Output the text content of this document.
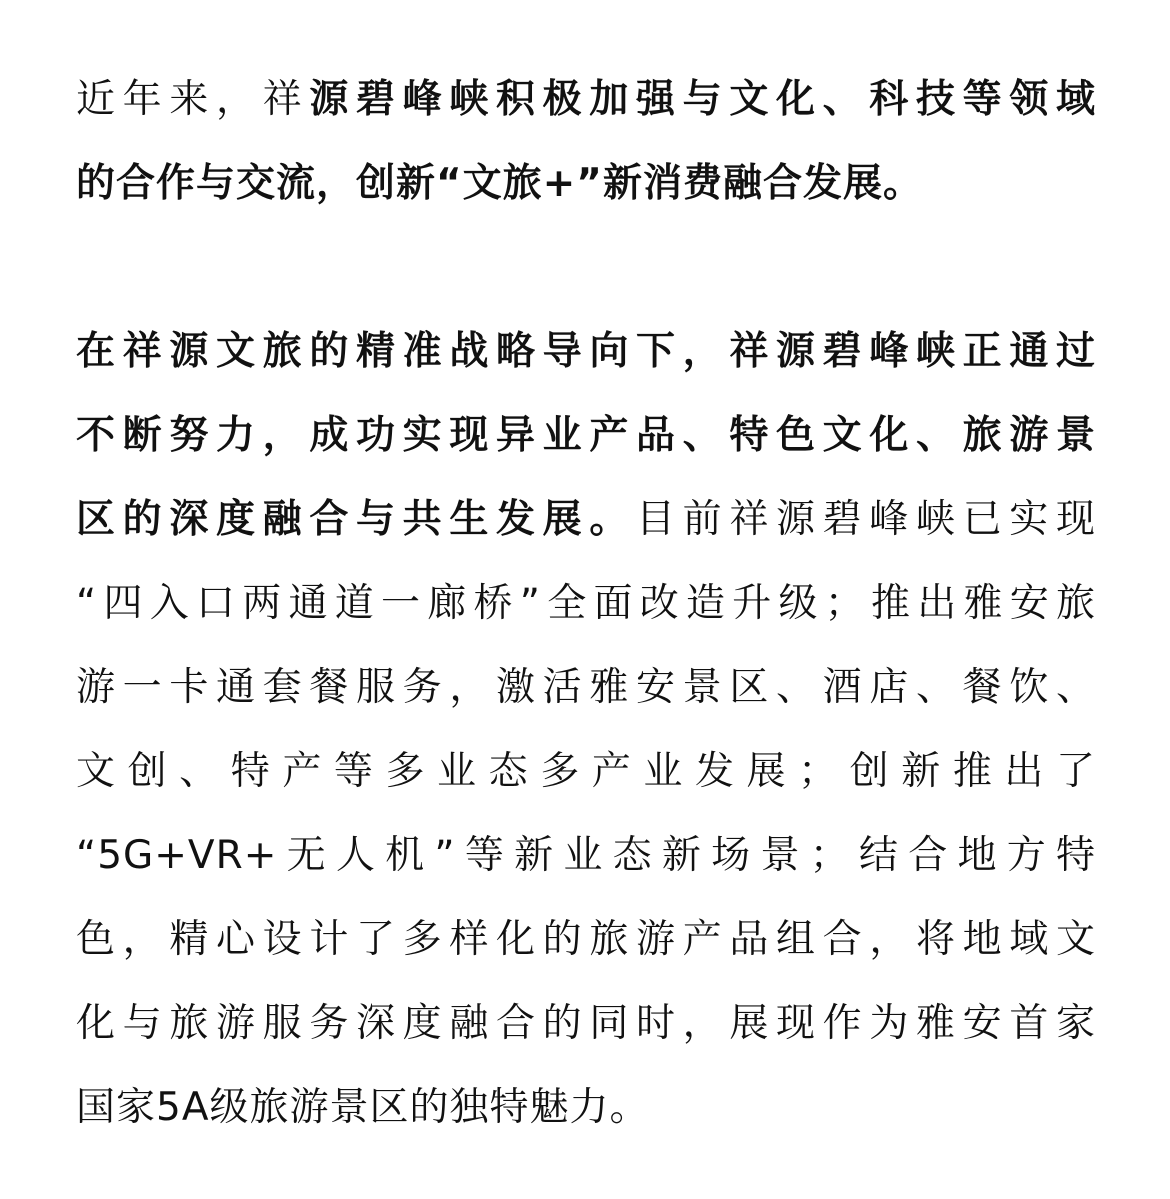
近年来，祥源碧峰峡积极加强与文化、科技等领域
的合作与交流，创新“文旅+”新消费融合发展。
在祥源文旅的精准战略导向下，祥源碧峰峡正通过
不断努力，成功实现异业产品、特色文化、旅游景
区的深度融合与共生发展。目前祥源碧峰峡已实现
“四入口两通道一廊桥”全面改造升级；推出雅安旅
游一卡通套餐服务，激活雅安景区、酒店、餐饮、
文创、特产等多业态多产业发展；创新推出了
“5G+VR+无人机”等新业态新场景；结合地方特
色，精心设计了多样化的旅游产品组合，将地域文
化与旅游服务深度融合的同时，展现作为雅安首家
国家5A级旅游景区的独特魅力。
